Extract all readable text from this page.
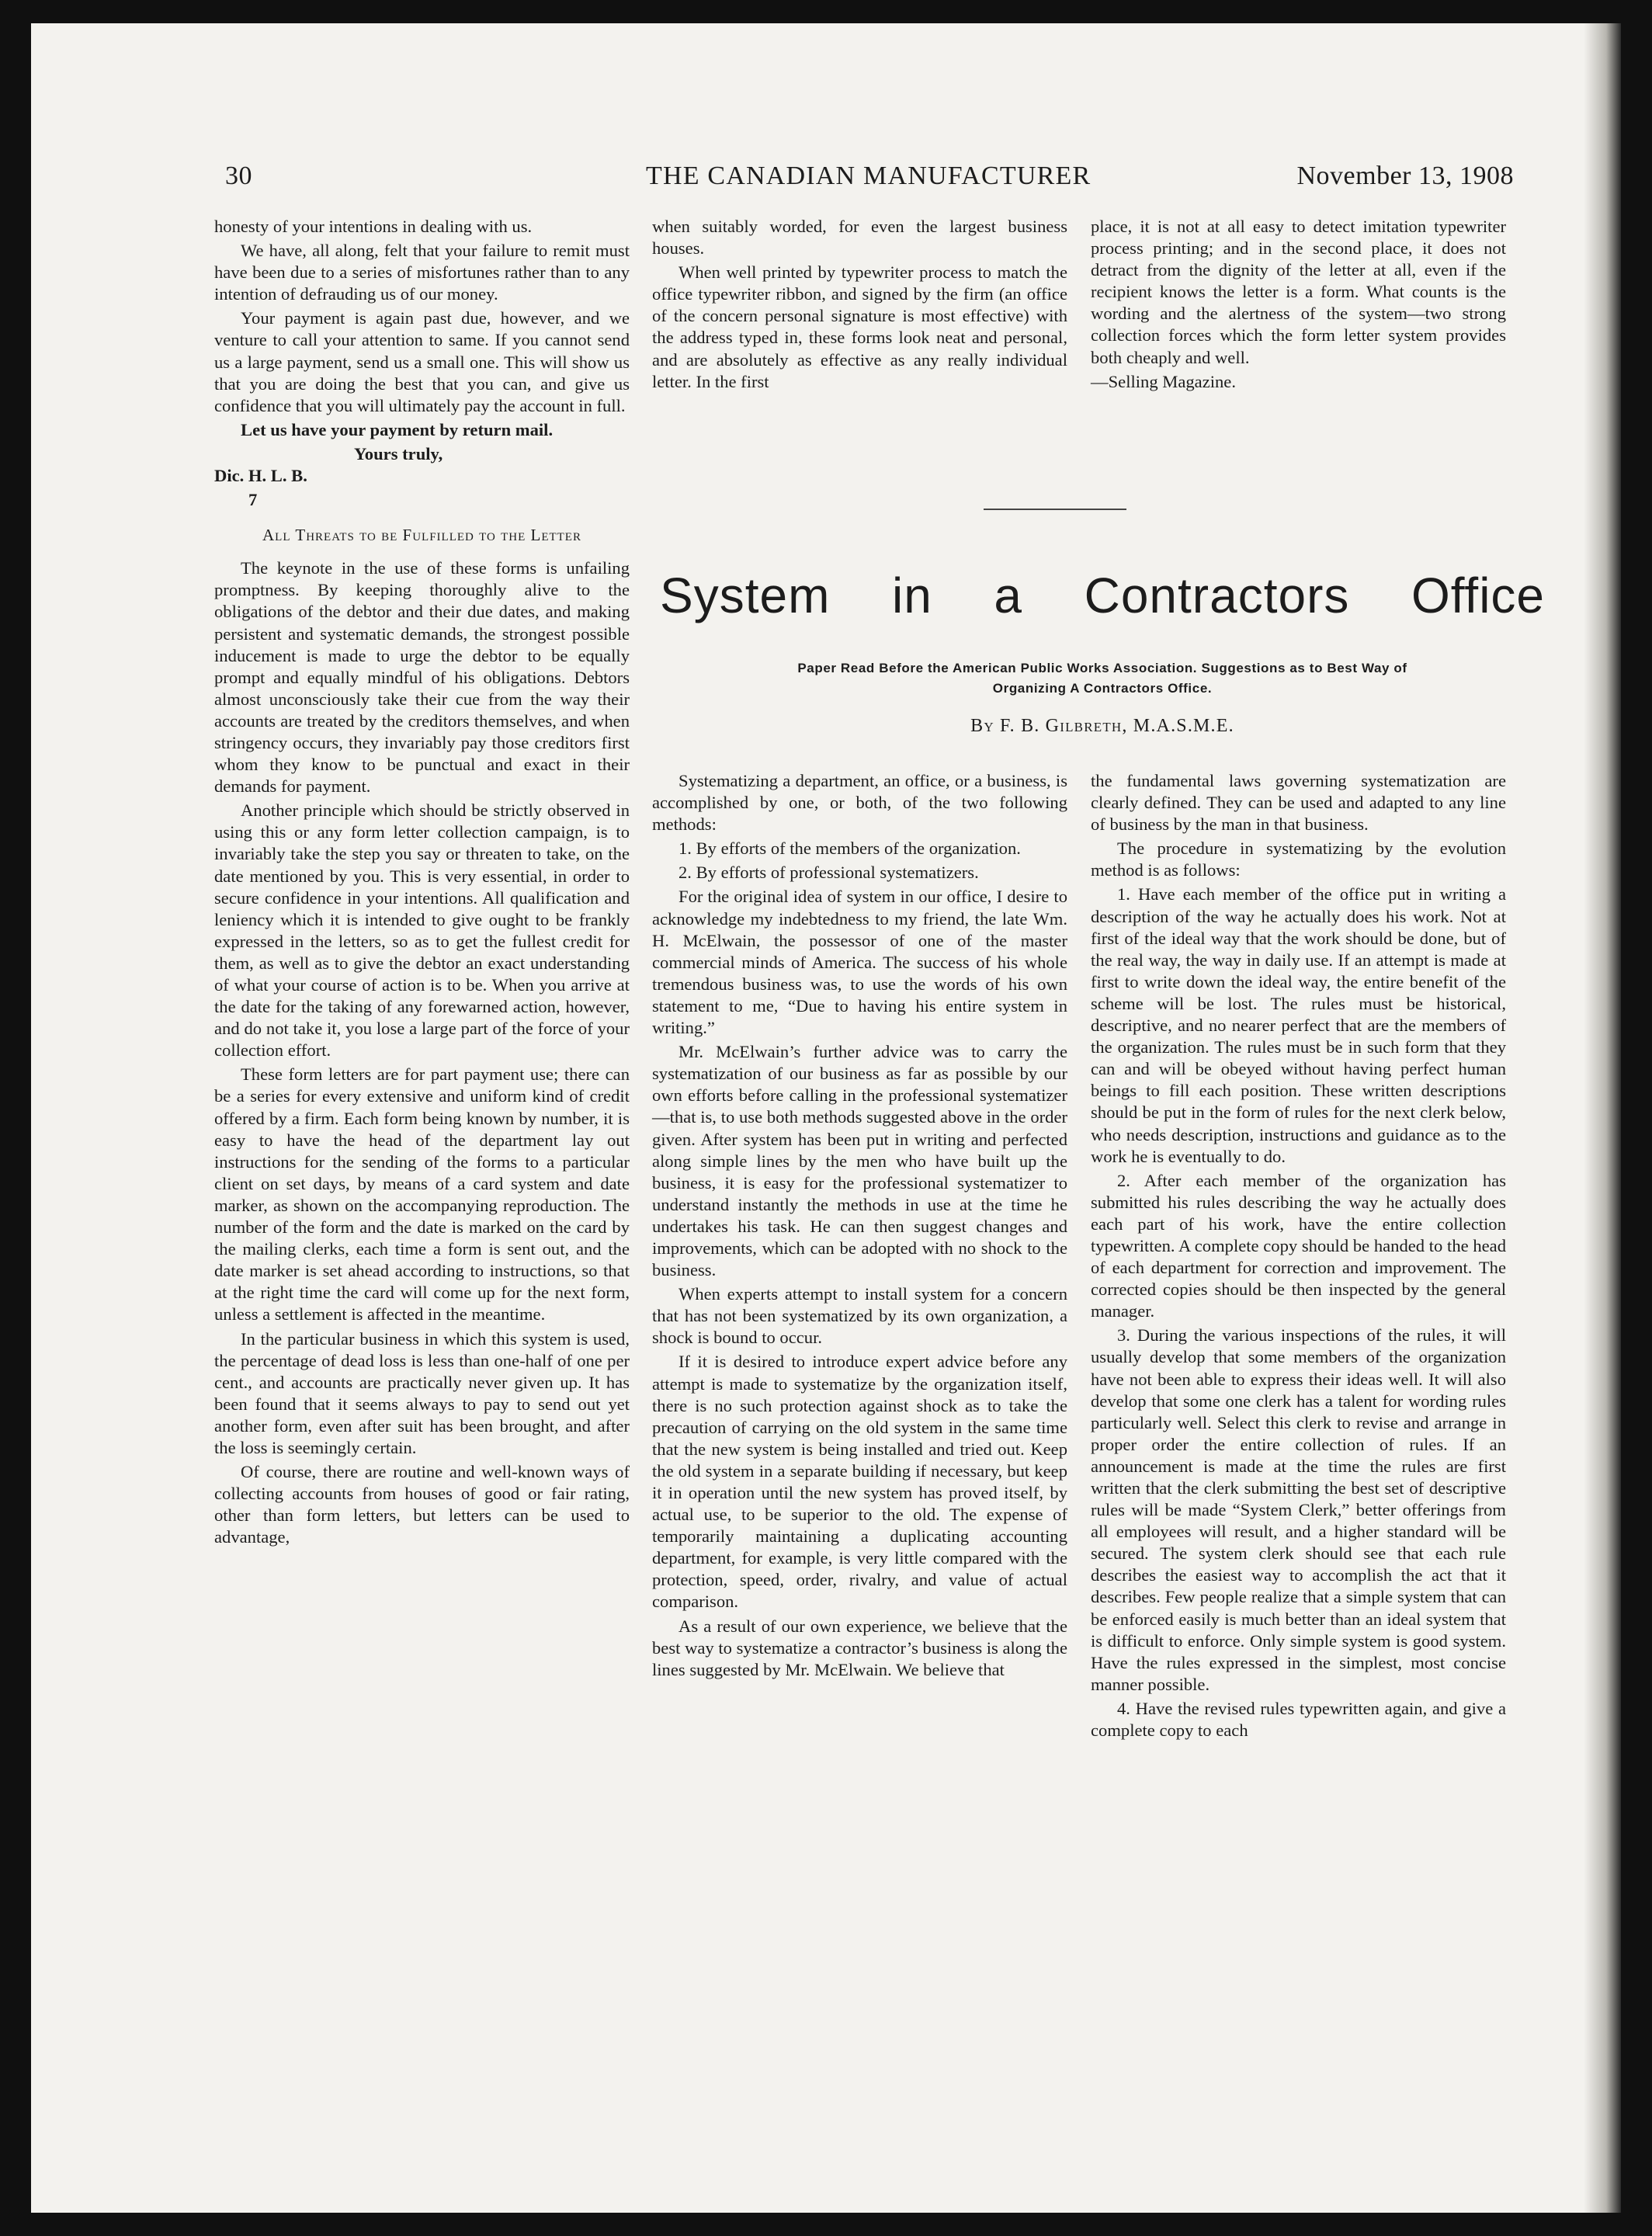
30	THE CANADIAN MANUFACTURER	November 13, 1908

honesty of your intentions in dealing with us.

We have, all along, felt that your failure to remit must have been due to a series of misfortunes rather than to any intention of defrauding us of our money.

Your payment is again past due, however, and we venture to call your attention to same. If you cannot send us a large payment, send us a small one. This will show us that you are doing the best that you can, and give us confidence that you will ultimately pay the account in full.

Let us have your payment by return mail.

Yours truly,

Dic. H. L. B.

7

All Threats to be Fulfilled to the Letter

The keynote in the use of these forms is unfailing promptness. By keeping thoroughly alive to the obligations of the debtor and their due dates, and making persistent and systematic demands, the strongest possible inducement is made to urge the debtor to be equally prompt and equally mindful of his obligations. Debtors almost unconsciously take their cue from the way their accounts are treated by the creditors themselves, and when stringency occurs, they invariably pay those creditors first whom they know to be punctual and exact in their demands for payment.

Another principle which should be strictly observed in using this or any form letter collection campaign, is to invariably take the step you say or threaten to take, on the date mentioned by you. This is very essential, in order to secure confidence in your intentions. All qualification and leniency which it is intended to give ought to be frankly expressed in the letters, so as to get the fullest credit for them, as well as to give the debtor an exact understanding of what your course of action is to be. When you arrive at the date for the taking of any forewarned action, however, and do not take it, you lose a large part of the force of your collection effort.

These form letters are for part payment use; there can be a series for every extensive and uniform kind of credit offered by a firm. Each form being known by number, it is easy to have the head of the department lay out instructions for the sending of the forms to a particular client on set days, by means of a card system and date marker, as shown on the accompanying reproduction. The number of the form and the date is marked on the card by the mailing clerks, each time a form is sent out, and the date marker is set ahead according to instructions, so that at the right time the card will come up for the next form, unless a settlement is affected in the meantime.

In the particular business in which this system is used, the percentage of dead loss is less than one-half of one per cent., and accounts are practically never given up. It has been found that it seems always to pay to send out yet another form, even after suit has been brought, and after the loss is seemingly certain.

Of course, there are routine and well-known ways of collecting accounts from houses of good or fair rating, other than form letters, but letters can be used to advantage,

when suitably worded, for even the largest business houses.

When well printed by typewriter process to match the office typewriter ribbon, and signed by the firm (an office of the concern personal signature is most effective) with the address typed in, these forms look neat and personal, and are absolutely as effective as any really individual letter. In the first

place, it is not at all easy to detect imitation typewriter process printing; and in the second place, it does not detract from the dignity of the letter at all, even if the recipient knows the letter is a form. What counts is the wording and the alertness of the system—two strong collection forces which the form letter system provides both cheaply and well.

—Selling Magazine.

System in a Contractors Office
Paper Read Before the American Public Works Association. Suggestions as to Best Way of Organizing A Contractors Office.
By F. B. Gilbreth, M.A.S.M.E.

Systematizing a department, an office, or a business, is accomplished by one, or both, of the two following methods:

1. By efforts of the members of the organization.

2. By efforts of professional systematizers.

For the original idea of system in our office, I desire to acknowledge my indebtedness to my friend, the late Wm. H. McElwain, the possessor of one of the master commercial minds of America. The success of his whole tremendous business was, to use the words of his own statement to me, “Due to having his entire system in writing.”

Mr. McElwain’s further advice was to carry the systematization of our business as far as possible by our own efforts before calling in the professional systematizer—that is, to use both methods suggested above in the order given. After system has been put in writing and perfected along simple lines by the men who have built up the business, it is easy for the professional systematizer to understand instantly the methods in use at the time he undertakes his task. He can then suggest changes and improvements, which can be adopted with no shock to the business.

When experts attempt to install system for a concern that has not been systematized by its own organization, a shock is bound to occur.

If it is desired to introduce expert advice before any attempt is made to systematize by the organization itself, there is no such protection against shock as to take the precaution of carrying on the old system in the same time that the new system is being installed and tried out. Keep the old system in a separate building if necessary, but keep it in operation until the new system has proved itself, by actual use, to be superior to the old. The expense of temporarily maintaining a duplicating accounting department, for example, is very little compared with the protection, speed, order, rivalry, and value of actual comparison.

As a result of our own experience, we believe that the best way to systematize a contractor’s business is along the lines suggested by Mr. McElwain. We believe that

the fundamental laws governing systematization are clearly defined. They can be used and adapted to any line of business by the man in that business.

The procedure in systematizing by the evolution method is as follows:

1. Have each member of the office put in writing a description of the way he actually does his work. Not at first of the ideal way that the work should be done, but of the real way, the way in daily use. If an attempt is made at first to write down the ideal way, the entire benefit of the scheme will be lost. The rules must be historical, descriptive, and no nearer perfect that are the members of the organization. The rules must be in such form that they can and will be obeyed without having perfect human beings to fill each position. These written descriptions should be put in the form of rules for the next clerk below, who needs description, instructions and guidance as to the work he is eventually to do.

2. After each member of the organization has submitted his rules describing the way he actually does each part of his work, have the entire collection typewritten. A complete copy should be handed to the head of each department for correction and improvement. The corrected copies should be then inspected by the general manager.

3. During the various inspections of the rules, it will usually develop that some members of the organization have not been able to express their ideas well. It will also develop that some one clerk has a talent for wording rules particularly well. Select this clerk to revise and arrange in proper order the entire collection of rules. If an announcement is made at the time the rules are first written that the clerk submitting the best set of descriptive rules will be made “System Clerk,” better offerings from all employees will result, and a higher standard will be secured. The system clerk should see that each rule describes the easiest way to accomplish the act that it describes. Few people realize that a simple system that can be enforced easily is much better than an ideal system that is difficult to enforce. Only simple system is good system. Have the rules expressed in the simplest, most concise manner possible.

4. Have the revised rules typewritten again, and give a complete copy to each
